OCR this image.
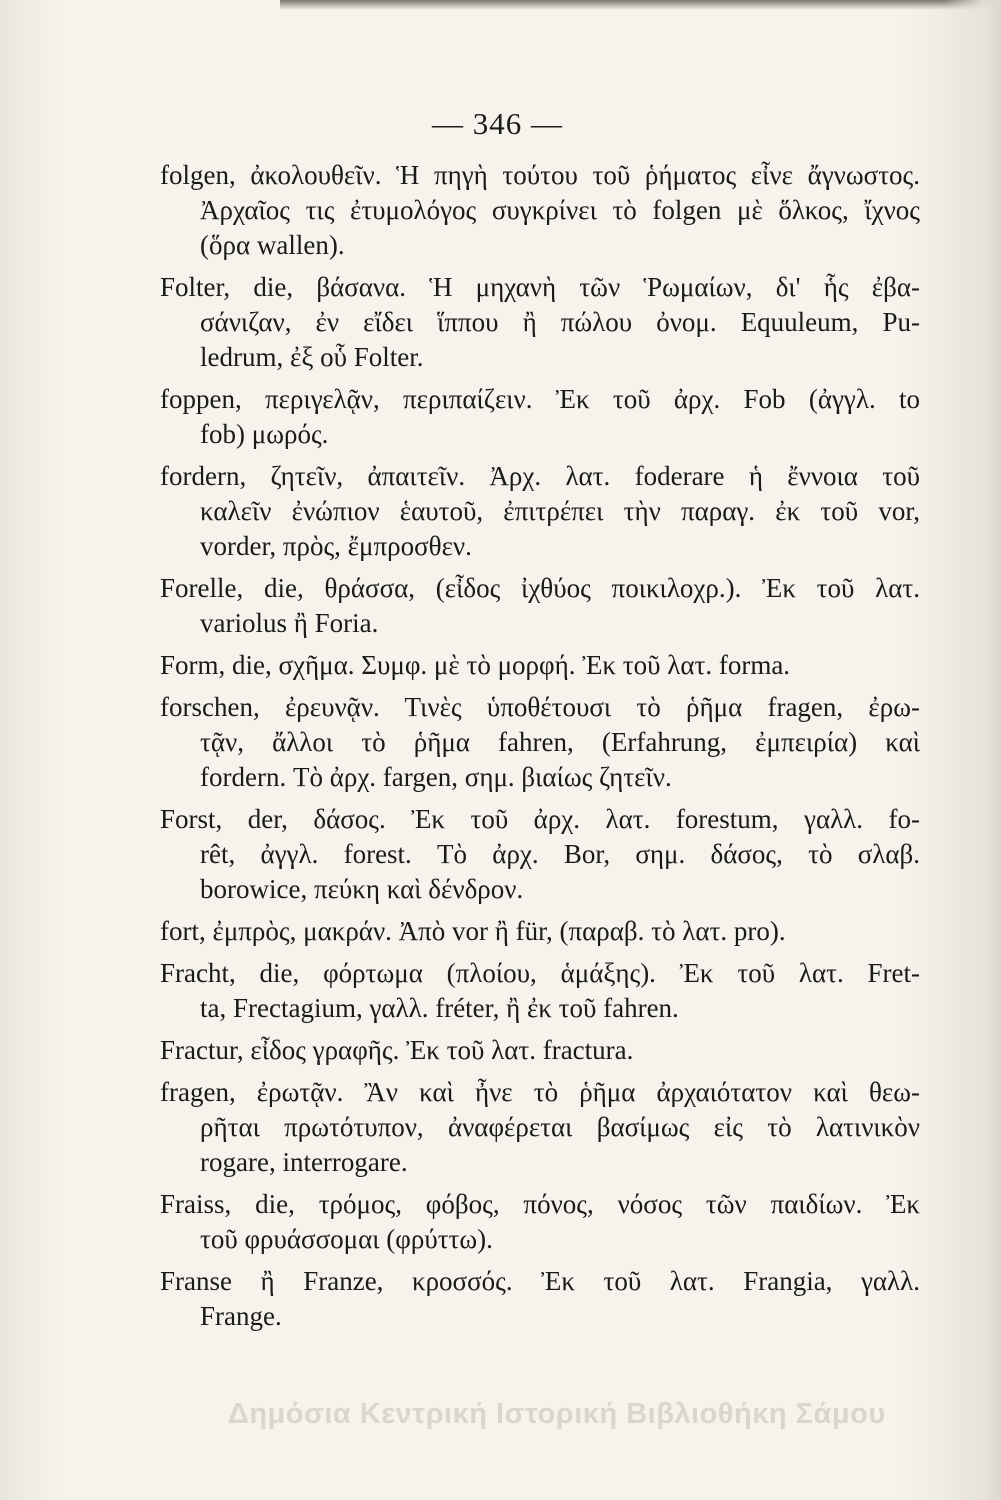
— 346 —
folgen, ἀκολουθεῖν. Ἡ πηγὴ τούτου τοῦ ῥήματος εἶνε ἄγνωστος.
Ἀρχαῖος τις ἐτυμολόγος συγκρίνει τὸ folgen μὲ ὅλκος, ἴχνος
(ὅρα wallen).
Folter, die, βάσανα. Ἡ μηχανὴ τῶν Ῥωμαίων, δι' ἧς ἐβα-
σάνιζαν, ἐν εἴδει ἵππου ἢ πώλου ὀνομ. Equuleum, Pu-
ledrum, ἐξ οὗ Folter.
foppen, περιγελᾷν, περιπαίζειν. Ἐκ τοῦ ἀρχ. Fob (ἀγγλ. to
fob) μωρός.
fordern, ζητεῖν, ἀπαιτεῖν. Ἀρχ. λατ. foderare ἡ ἔννοια τοῦ
καλεῖν ἐνώπιον ἑαυτοῦ, ἐπιτρέπει τὴν παραγ. ἐκ τοῦ vor,
vorder, πρὸς, ἔμπροσθεν.
Forelle, die, θράσσα, (εἶδος ἰχθύος ποικιλοχρ.). Ἐκ τοῦ λατ.
variolus ἢ Foria.
Form, die, σχῆμα. Συμφ. μὲ τὸ μορφή. Ἐκ τοῦ λατ. forma.
forschen, ἐρευνᾷν. Τινὲς ὑποθέτουσι τὸ ῥῆμα fragen, ἐρω-
τᾷν, ἄλλοι τὸ ῥῆμα fahren, (Erfahrung, ἐμπειρία) καὶ
fordern. Τὸ ἀρχ. fargen, σημ. βιαίως ζητεῖν.
Forst, der, δάσος. Ἐκ τοῦ ἀρχ. λατ. forestum, γαλλ. fo-
rêt, ἀγγλ. forest. Τὸ ἀρχ. Bor, σημ. δάσος, τὸ σλαβ.
borowice, πεύκη καὶ δένδρον.
fort, ἐμπρὸς, μακράν. Ἀπὸ vor ἢ für, (παραβ. τὸ λατ. pro).
Fracht, die, φόρτωμα (πλοίου, ἁμάξης). Ἐκ τοῦ λατ. Fret-
ta, Frectagium, γαλλ. fréter, ἢ ἐκ τοῦ fahren.
Fractur, εἶδος γραφῆς. Ἐκ τοῦ λατ. fractura.
fragen, ἐρωτᾷν. Ἂν καὶ ἦνε τὸ ῥῆμα ἀρχαιότατον καὶ θεω-
ρῆται πρωτότυπον, ἀναφέρεται βασίμως εἰς τὸ λατινικὸν
rogare, interrogare.
Fraiss, die, τρόμος, φόβος, πόνος, νόσος τῶν παιδίων. Ἐκ
τοῦ φρυάσσομαι (φρύττω).
Franse ἢ Franze, κροσσός. Ἐκ τοῦ λατ. Frangia, γαλλ.
Frange.
Δημόσια Κεντρική Ιστορική Βιβλιοθήκη Σάμου
